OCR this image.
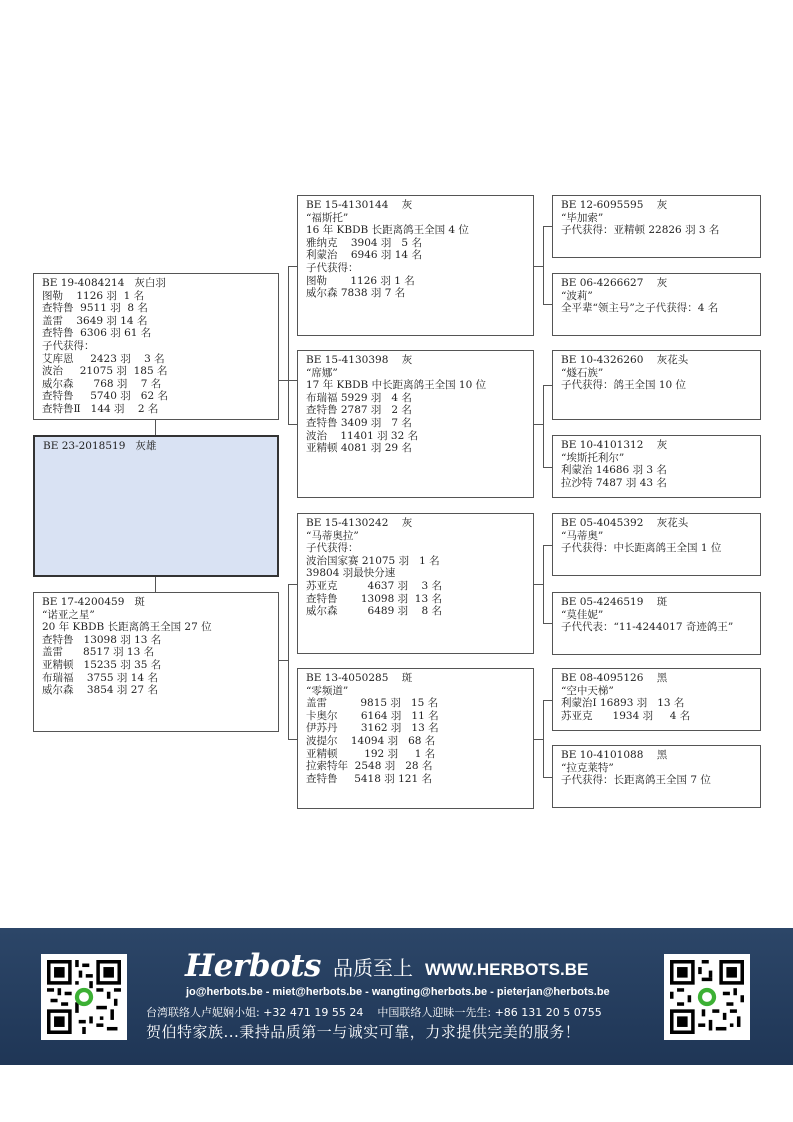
BE 19-4084214   灰白羽
图勒    1126 羽  1 名
查特鲁  9511 羽  8 名
盖雷    3649 羽 14 名
查特鲁  6306 羽 61 名
子代获得：
艾库恩     2423 羽    3 名
波治     21075 羽  185 名
威尔森      768 羽    7 名
查特鲁     5740 羽   62 名
查特鲁Ⅱ   144 羽    2 名
BE 23-2018519   灰雄
BE 17-4200459   斑
“诺亚之星”
20 年 KBDB 长距离鸽王全国 27 位
查特鲁   13098 羽 13 名
盖雷      8517 羽 13 名
亚精顿   15235 羽 35 名
布瑞福    3755 羽 14 名
威尔森    3854 羽 27 名
BE 15-4130144    灰
“福斯托”
16 年 KBDB 长距离鸽王全国 4 位
雅纳克    3904 羽   5 名
利蒙治    6946 羽 14 名
子代获得：
图勒       1126 羽 1 名
威尔森 7838 羽 7 名
BE 15-4130398    灰
“席娜”
17 年 KBDB 中长距离鸽王全国 10 位
布瑞福 5929 羽   4 名
查特鲁 2787 羽   2 名
查特鲁 3409 羽   7 名
波治    11401 羽 32 名
亚精顿 4081 羽 29 名
BE 15-4130242    灰
“马蒂奥拉”
子代获得：
波治国家赛 21075 羽   1 名
39804 羽最快分速
苏亚克         4637 羽    3 名
查特鲁       13098 羽  13 名
威尔森         6489 羽    8 名
BE 13-4050285    斑
“零频道”
盖雷          9815 羽   15 名
卡奥尔       6164 羽   11 名
伊苏丹       3162 羽   13 名
波提尔    14094 羽   68 名
亚精顿        192 羽     1 名
拉索特年  2548 羽   28 名
查特鲁     5418 羽 121 名
BE 12-6095595    灰
“毕加索”
子代获得：亚精顿 22826 羽 3 名
BE 06-4266627    灰
“波莉”
全平辈“领主号”之子代获得：4 名
BE 10-4326260    灰花头
“燧石族”
子代获得：鸽王全国 10 位
BE 10-4101312    灰
“埃斯托利尔”
利蒙治 14686 羽 3 名
拉沙特 7487 羽 43 名
BE 05-4045392    灰花头
“马蒂奥”
子代获得：中长距离鸽王全国 1 位
BE 05-4246519    斑
“莫佳妮”
子代代表：“11-4244017 奇迹鸽王”
BE 08-4095126    黑
“空中天梯”
利蒙治Ⅰ 16893 羽   13 名
苏亚克      1934 羽     4 名
BE 10-4101088    黑
“拉克莱特”
子代获得：长距离鸽王全国 7 位
Herbots 品质至上 WWW.HERBOTS.BE
jo@herbots.be - miet@herbots.be - wangting@herbots.be - pieterjan@herbots.be
台湾联络人卢妮娴小姐: +32 471 19 55 24    中国联络人迎昧一先生: +86 131 20 5 0755
贺伯特家族...秉持品质第一与诚实可靠，力求提供完美的服务！
